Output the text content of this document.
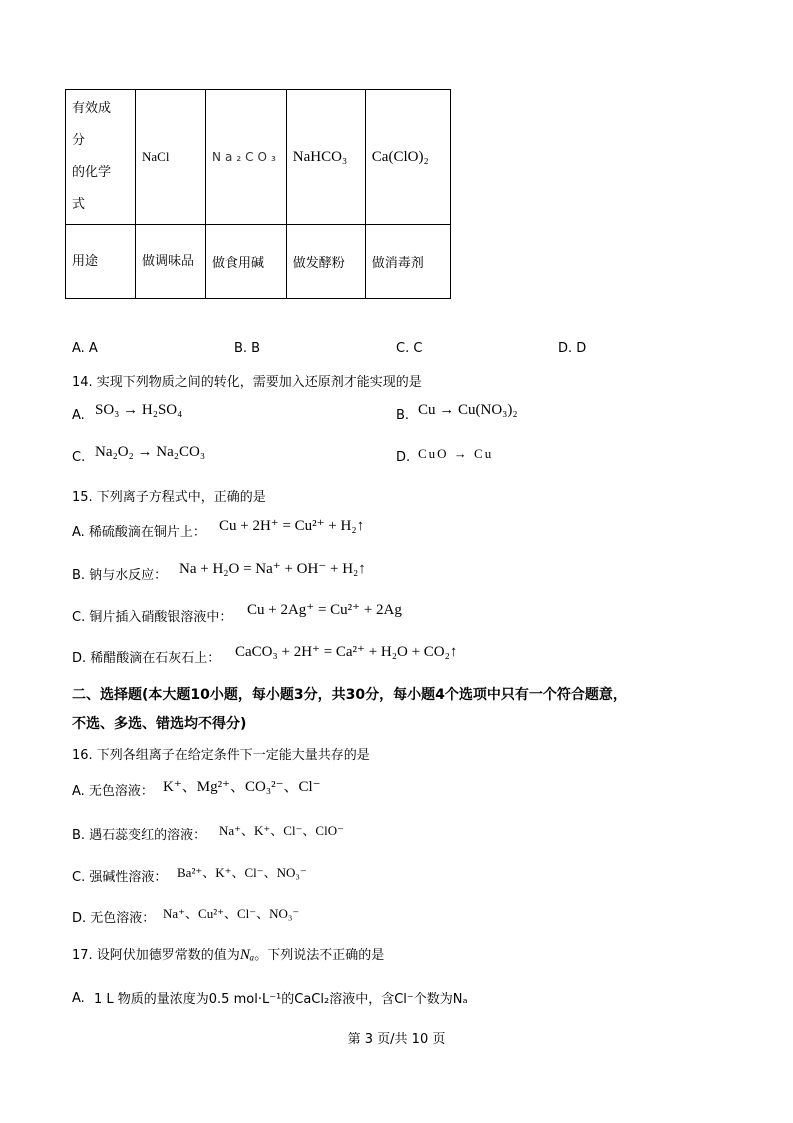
有效成
分
的化学
式	NaCl	Na₂CO₃	NaHCO₃	Ca(ClO)₂
用途	做调味品	做食用碱	做发酵粉	做消毒剂
A. A	B. B	C. C	D. D
14. 实现下列物质之间的转化，需要加入还原剂才能实现的是
A. SO₃ → H₂SO₄	B. Cu → Cu(NO₃)₂
C. Na₂O₂ → Na₂CO₃	D. CuO → Cu
15. 下列离子方程式中，正确的是
A. 稀硫酸滴在铜片上： Cu + 2H⁺ = Cu²⁺ + H₂↑
B. 钠与水反应： Na + H₂O = Na⁺ + OH⁻ + H₂↑
C. 铜片插入硝酸银溶液中： Cu + 2Ag⁺ = Cu²⁺ + 2Ag
D. 稀醋酸滴在石灰石上： CaCO₃ + 2H⁺ = Ca²⁺ + H₂O + CO₂↑
二、选择题(本大题10小题，每小题3分，共30分，每小题4个选项中只有一个符合题意，
不选、多选、错选均不得分)
16. 下列各组离子在给定条件下一定能大量共存的是
A. 无色溶液： K⁺、Mg²⁺、CO₃²⁻、Cl⁻
B. 遇石蕊变红的溶液： Na⁺、K⁺、Cl⁻、ClO⁻
C. 强碱性溶液： Ba²⁺、K⁺、Cl⁻、NO₃⁻
D. 无色溶液： Na⁺、Cu²⁺、Cl⁻、NO₃⁻
17. 设阿伏加德罗常数的值为Nₐ。下列说法不正确的是
A. 1 L 物质的量浓度为0.5 mol·L⁻¹的CaCl₂溶液中，含Cl⁻个数为Nₐ
第 3 页/共 10 页
